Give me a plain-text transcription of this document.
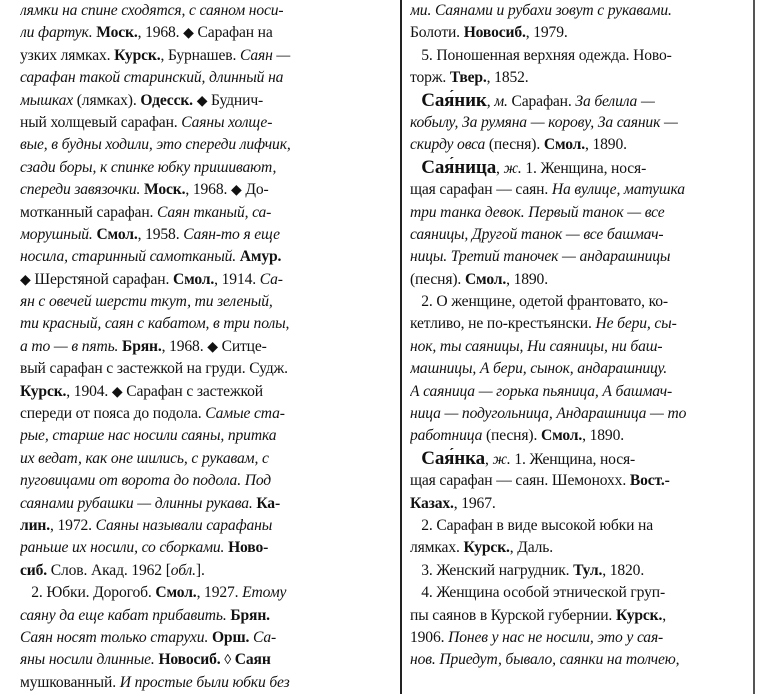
лямки на спине сходятся, с саяном носи-
ли фартук. Моск., 1968. ◆ Сарафан на
узких лямках. Курск., Бурнашев. Саян —
сарафан такой старинский, длинный на
мышках (лямках). Одесск. ◆ Буднич-
ный холщевый сарафан. Саяны холще-
вые, в будны ходили, это спереди лифчик,
сзади боры, к спинке юбку пришивают,
спереди завязочки. Моск., 1968. ◆ До-
мотканный сарафан. Саян тканый, са-
морушный. Смол., 1958. Саян-то я еще
носила, старинный самотканый. Амур.
◆ Шерстяной сарафан. Смол., 1914. Са-
ян с овечей шерсти ткут, ти зеленый,
ти красный, саян с кабатом, в три полы,
а то — в пять. Брян., 1968. ◆ Ситце-
вый сарафан с застежкой на груди. Судж.
Курск., 1904. ◆ Сарафан с застежкой
спереди от пояса до подола. Самые ста-
рые, старше нас носили саяны, притка
их ведат, как оне шились, с рукавам, с
пуговицами от ворота до подола. Под
саянами рубашки — длинны рукава. Ка-
лин., 1972. Саяны называли сарафаны
раньше их носили, со сборками. Ново-
сиб. Слов. Акад. 1962 [обл.].
2. Юбки. Дорогоб. Смол., 1927. Етому
саяну да еще кабат прибавить. Брян.
Саян носят только старухи. Орш. Са-
яны носили длинные. Новосиб. ◊ Саян
мушкованный. И простые были юбки без
ми. Саянами и рубахи зовут с рукавами.
Болоти. Новосиб., 1979.
5. Поношенная верхняя одежда. Ново-
торж. Твер., 1852.
Сая́ник, м. Сарафан. За белила —
кобылу, За румяна — корову, За саяник —
скирду овса (песня). Смол., 1890.
Сая́ница, ж. 1. Женщина, нося-
щая сарафан — саян. На вулице, матушка
три танка девок. Первый танок — все
саяницы, Другой танок — все башмач-
ницы. Третий таночек — андарашницы
(песня). Смол., 1890.
2. О женщине, одетой франтовато, ко-
кетливо, не по-крестьянски. Не бери, сы-
нок, ты саяницы, Ни саяницы, ни баш-
машницы, А бери, сынок, андарашницу.
А саяница — горька пьяница, А башмач-
ница — подугольница, Андарашница — то
работница (песня). Смол., 1890.
Сая́нка, ж. 1. Женщина, нося-
щая сарафан — саян. Шемонохх. Вост.-
Казах., 1967.
2. Сарафан в виде высокой юбки на
лямках. Курск., Даль.
3. Женский нагрудник. Тул., 1820.
4. Женщина особой этнической груп-
пы саянов в Курской губернии. Курск.,
1906. Понев у нас не носили, это у сая-
нов. Приедут, бывало, саянки на толчею,
